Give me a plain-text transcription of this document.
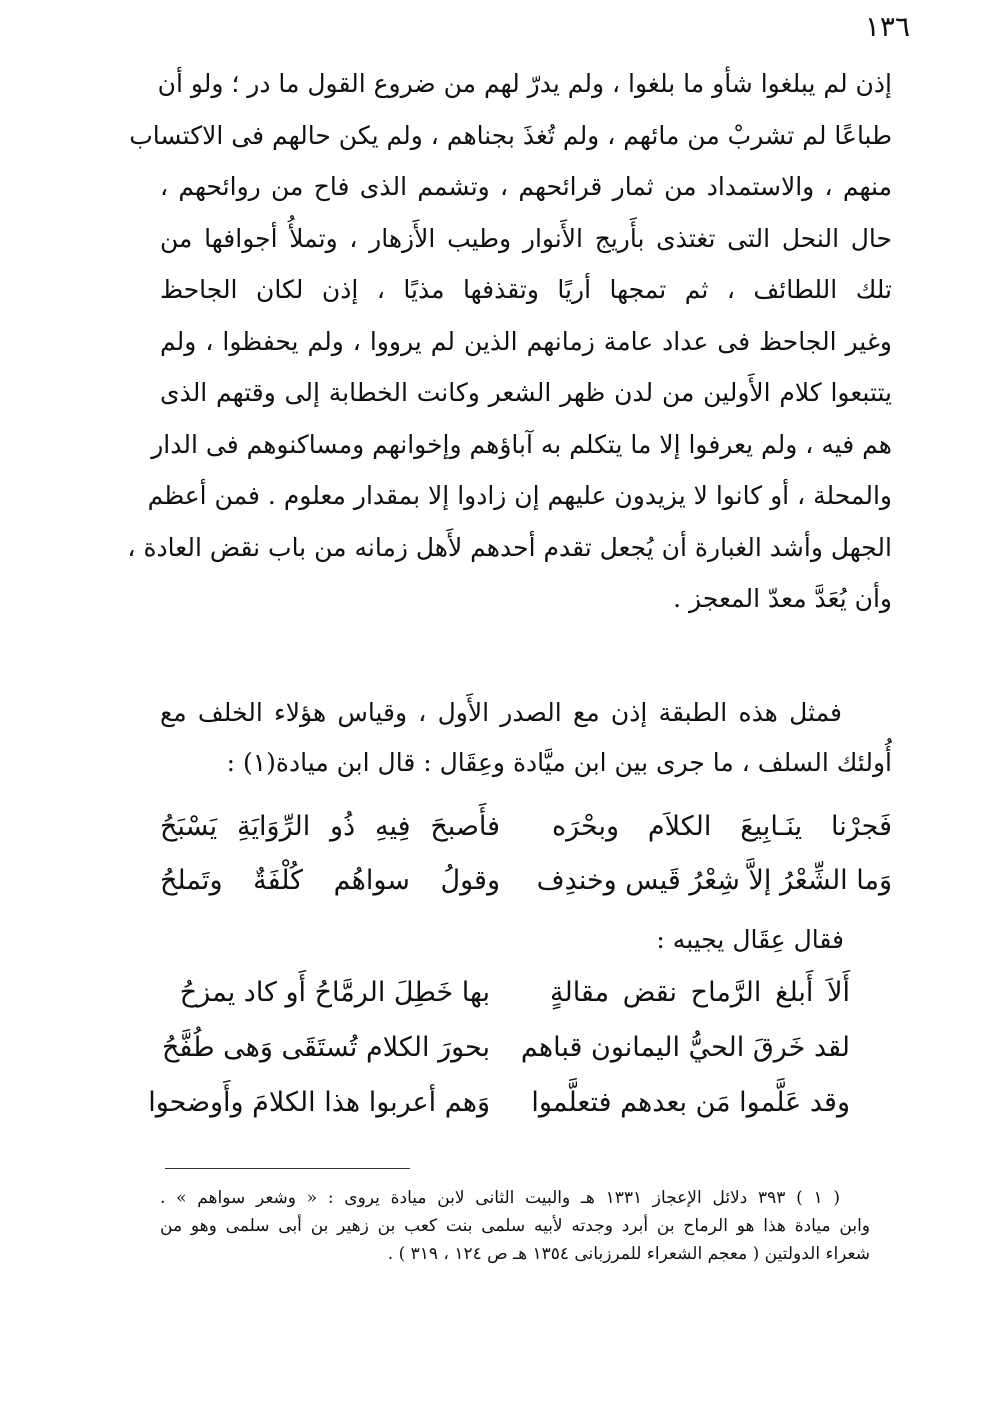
١٣٦
إذن لم يبلغوا شأو ما بلغوا ، ولم يدرّ لهم من ضروع القول ما در ؛ ولو أن
طباعًا لم تشربْ من مائهم ، ولم تُغذَ بجناهم ، ولم يكن حالهم فى الاكتساب
منهم ، والاستمداد من ثمار قرائحهم ، وتشمم الذى فاح من روائحهم ،
حال النحل التى تغتذى بأَريج الأَنوار وطيب الأَزهار ، وتملأُ أجوافها من
تلك اللطائف ، ثم تمجها أريًا وتقذفها مذيًا ، إذن لكان الجاحظ
وغير الجاحظ فى عداد عامة زمانهم الذين لم يرووا ، ولم يحفظوا ، ولم
يتتبعوا كلام الأَولين من لدن ظهر الشعر وكانت الخطابة إلى وقتهم الذى
هم فيه ، ولم يعرفوا إلا ما يتكلم به آباؤهم وإخوانهم ومساكنوهم فى الدار
والمحلة ، أو كانوا لا يزيدون عليهم إن زادوا إلا بمقدار معلوم . فمن أعظم
الجهل وأشد الغبارة أن يُجعل تقدم أحدهم لأَهل زمانه من باب نقض العادة ،
وأن يُعَدَّ معدّ المعجز .
فمثل هذه الطبقة إذن مع الصدر الأَول ، وقياس هؤلاء الخلف مع
أُولئك السلف ، ما جرى بين ابن ميَّادة وعِقَال : قال ابن ميادة(١) :
فَجرْنا ينَـابِيعَ الكلاَم وبحْرَه
فأَصبحَ فِيهِ ذُو الرِّوَايَةِ يَسْبَحُ
وَما الشِّعْرُ إلاَّ شِعْرُ قَيس وخندِف
وقولُ سواهُم كُلْفَةٌ وتَملحُ
فقال عِقَال يجيبه :
أَلاَ أَبلغ الرَّماح نقض مقالةٍ
بها خَطِلَ الرمَّاحُ أَو كاد يمزحُ
لقد خَرقَ الحيُّ اليمانون قباهم
بحورَ الكلام تُستَقَى وَهى طُفَّحُ
وقد عَلَّموا مَن بعدهم فتعلَّموا
وَهم أعربوا هذا الكلامَ وأَوضحوا
( ١ ) ٣٩٣ دلائل الإعجاز ١٣٣١ هـ والبيت الثانى لابن ميادة يروى : « وشعر سواهم » .
وابن ميادة هذا هو الرماح بن أبرد وجدته لأبيه سلمى بنت كعب بن زهير بن أبى سلمى وهو من
شعراء الدولتين ( معجم الشعراء للمرزبانى ١٣٥٤ هـ ص ١٢٤ ، ٣١٩ ) .
